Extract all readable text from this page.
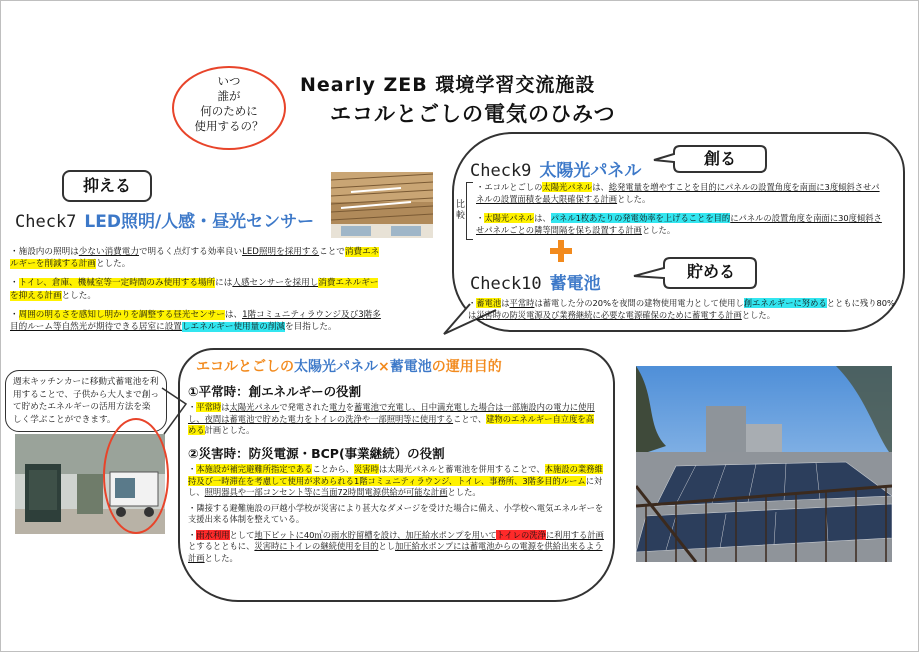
Nearly ZEB 環境学習交流施設
エコルとごしの電気のひみつ
いつ
誰が
何のために
使用するの？
抑える
Check7 LED照明/人感・昼光センサー
・施設内の照明は少ない消費電力で明るく点灯する効率良いLED照明を採用することで消費エネルギーを削減する計画とした。
・トイレ、倉庫、機械室等一定時間のみ使用する場所には人感センサーを採用し消費エネルギーを抑える計画とした。
・周囲の明るさを感知し明かりを調整する昼光センサーは、1階コミュニティラウンジ及び3階多目的ルーム等自然光が期待できる居室に設置しエネルギー使用量の削減を目指した。
Check9 太陽光パネル
創る
比較
・エコルとごしの太陽光パネルは、総発電量を増やすことを目的にパネルの設置角度を南面に3度傾斜させパネルの設置面積を最大限確保する計画とした。
・太陽光パネルは、パネル1枚あたりの発電効率を上げることを目的にパネルの設置角度を南面に30度傾斜させパネルごとの隣等間隔を保ち設置する計画とした。
Check10 蓄電池
貯める
・蓄電池は平常時は蓄電した分の20%を夜間の建物使用電力として使用し創エネルギーに努めるとともに残り80%は災害時の防災電源及び業務継続に必要な電源確保のために蓄電する計画とした。
エコルとごしの太陽光パネル×蓄電池の運用目的
①平常時：創エネルギーの役割
・平常時は太陽光パネルで発電された電力を蓄電池で充電し、日中満充電した場合は一部施設内の電力に使用し、夜間は蓄電池で貯めた電力をトイレの洗浄や一部照明等に使用することで、建物のエネルギー自立度を高める計画とした。
②災害時：防災電源・BCP(事業継続）の役割
・本施設が補完避難所指定であることから、災害時は太陽光パネルと蓄電池を併用することで、本施設の業務維持及び一時滞在を考慮して使用が求められる1階コミュニティラウンジ、トイレ、事務所、3階多目的ルームに対し、照明器具や一部コンセント等に当面72時間電源供給が可能な計画とした。
・隣接する避難施設の戸越小学校が災害により甚大なダメージを受けた場合に備え、小学校へ電気エネルギーを支援出来る体制を整えている。
・雨水利用として地下ピットに40㎥の雨水貯留槽を設け、加圧給水ポンプを用いてトイレの洗浄に利用する計画とするとともに、災害時にトイレの継続使用を目的とし加圧給水ポンプには蓄電池からの電源を供給出来るよう計画とした。
週末キッチンカーに移動式蓄電池を利用することで、子供から大人まで創って貯めたエネルギーの活用方法を楽しく学ぶことができます。
